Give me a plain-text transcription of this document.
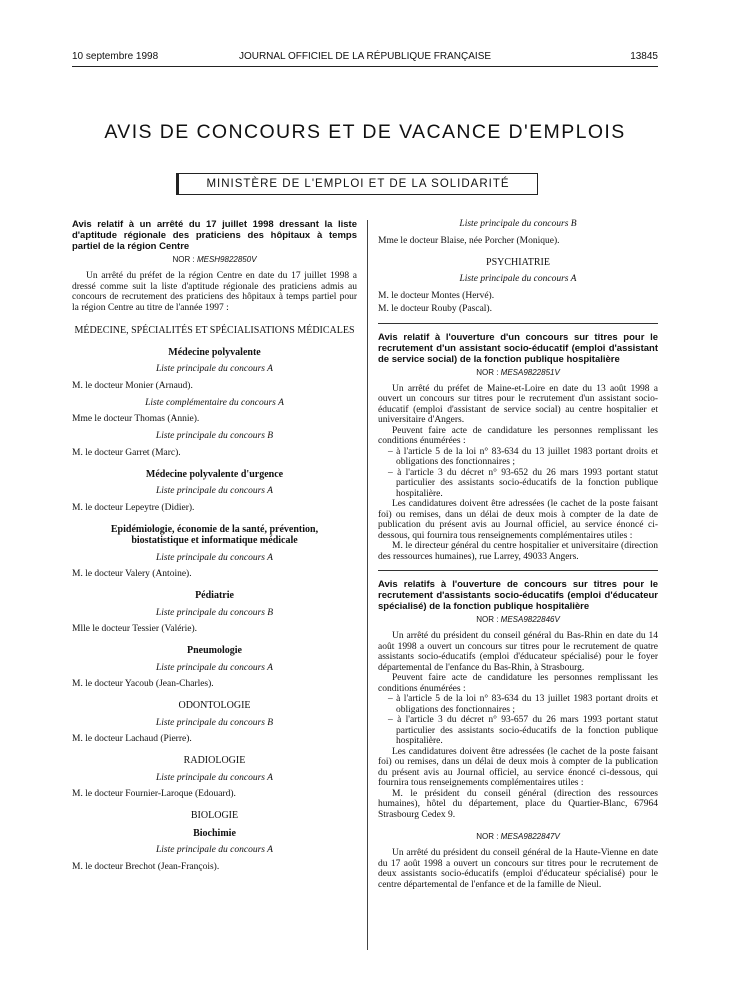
10 septembre 1998	JOURNAL OFFICIEL DE LA RÉPUBLIQUE FRANÇAISE	13845
AVIS DE CONCOURS ET DE VACANCE D'EMPLOIS
MINISTÈRE DE L'EMPLOI ET DE LA SOLIDARITÉ

Avis relatif à un arrêté du 17 juillet 1998 dressant la liste d'aptitude régionale des praticiens des hôpitaux à temps partiel de la région Centre

NOR : MESH9822850V

Un arrêté du préfet de la région Centre en date du 17 juillet 1998 a dressé comme suit la liste d'aptitude régionale des praticiens admis au concours de recrutement des praticiens des hôpitaux à temps partiel pour la région Centre au titre de l'année 1997 :

MÉDECINE, SPÉCIALITÉS ET SPÉCIALISATIONS MÉDICALES
Médecine polyvalente
Liste principale du concours A
M. le docteur Monier (Arnaud).
Liste complémentaire du concours A
Mme le docteur Thomas (Annie).
Liste principale du concours B
M. le docteur Garret (Marc).
Médecine polyvalente d'urgence
Liste principale du concours A
M. le docteur Lepeytre (Didier).
Epidémiologie, économie de la santé, prévention, biostatistique et informatique médicale
Liste principale du concours A
M. le docteur Valery (Antoine).
Pédiatrie
Liste principale du concours B
Mlle le docteur Tessier (Valérie).
Pneumologie
Liste principale du concours A
M. le docteur Yacoub (Jean-Charles).
ODONTOLOGIE
Liste principale du concours B
M. le docteur Lachaud (Pierre).
RADIOLOGIE
Liste principale du concours A
M. le docteur Fournier-Laroque (Edouard).
BIOLOGIE
Biochimie
Liste principale du concours A
M. le docteur Brechot (Jean-François).
Liste principale du concours B
Mme le docteur Blaise, née Porcher (Monique).
PSYCHIATRIE
Liste principale du concours A
M. le docteur Montes (Hervé).
M. le docteur Rouby (Pascal).

Avis relatif à l'ouverture d'un concours sur titres pour le recrutement d'un assistant socio-éducatif (emploi d'assistant de service social) de la fonction publique hospitalière

NOR : MESA9822851V

Un arrêté du préfet de Maine-et-Loire en date du 13 août 1998 a ouvert un concours sur titres pour le recrutement d'un assistant socio-éducatif (emploi d'assistant de service social) au centre hospitalier et universitaire d'Angers.

Peuvent faire acte de candidature les personnes remplissant les conditions énumérées :

– à l'article 5 de la loi n° 83-634 du 13 juillet 1983 portant droits et obligations des fonctionnaires ;

– à l'article 3 du décret n° 93-652 du 26 mars 1993 portant statut particulier des assistants socio-éducatifs de la fonction publique hospitalière.

Les candidatures doivent être adressées (le cachet de la poste faisant foi) ou remises, dans un délai de deux mois à compter de la date de publication du présent avis au Journal officiel, au service énoncé ci-dessous, qui fournira tous renseignements complémentaires utiles :

M. le directeur général du centre hospitalier et universitaire (direction des ressources humaines), rue Larrey, 49033 Angers.

Avis relatifs à l'ouverture de concours sur titres pour le recrutement d'assistants socio-éducatifs (emploi d'éducateur spécialisé) de la fonction publique hospitalière

NOR : MESA9822846V

Un arrêté du président du conseil général du Bas-Rhin en date du 14 août 1998 a ouvert un concours sur titres pour le recrutement de quatre assistants socio-éducatifs (emploi d'éducateur spécialisé) pour le foyer départemental de l'enfance du Bas-Rhin, à Strasbourg.

Peuvent faire acte de candidature les personnes remplissant les conditions énumérées :

– à l'article 5 de la loi n° 83-634 du 13 juillet 1983 portant droits et obligations des fonctionnaires ;

– à l'article 3 du décret n° 93-657 du 26 mars 1993 portant statut particulier des assistants socio-éducatifs de la fonction publique hospitalière.

Les candidatures doivent être adressées (le cachet de la poste faisant foi) ou remises, dans un délai de deux mois à compter de la publication du présent avis au Journal officiel, au service énoncé ci-dessous, qui fournira tous renseignements complémentaires utiles :

M. le président du conseil général (direction des ressources humaines), hôtel du département, place du Quartier-Blanc, 67964 Strasbourg Cedex 9.

NOR : MESA9822847V

Un arrêté du président du conseil général de la Haute-Vienne en date du 17 août 1998 a ouvert un concours sur titres pour le recrutement de deux assistants socio-éducatifs (emploi d'éducateur spécialisé) pour le centre départemental de l'enfance et de la famille de Nieul.
